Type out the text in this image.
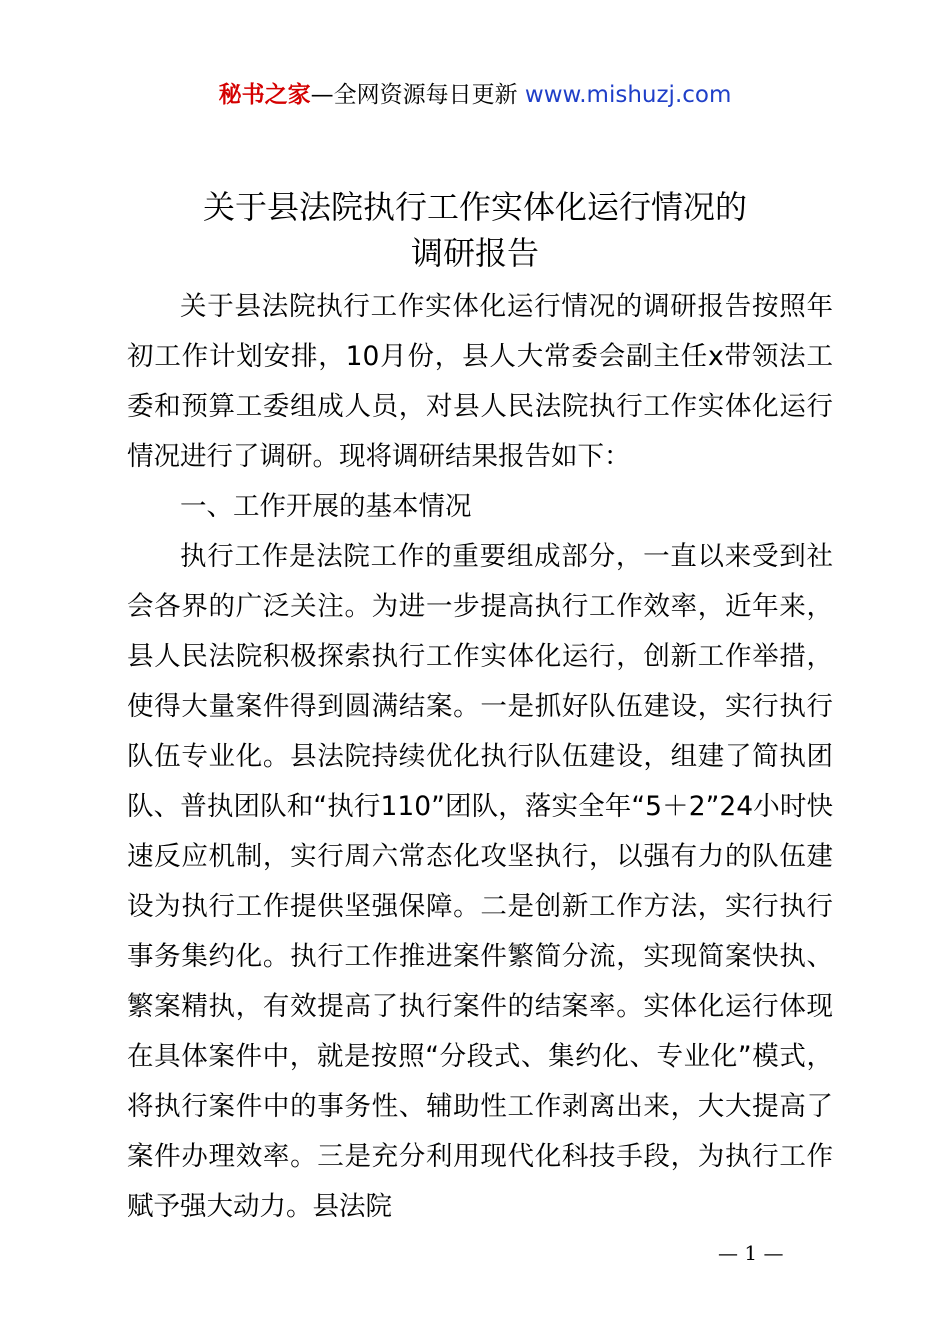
秘书之家—全网资源每日更新 www.mishuzj.com
关于县法院执行工作实体化运行情况的
调研报告

关于县法院执行工作实体化运行情况的调研报告按照年初工作计划安排，10月份，县人大常委会副主任x带领法工委和预算工委组成人员，对县人民法院执行工作实体化运行情况进行了调研。现将调研结果报告如下：

一、工作开展的基本情况

执行工作是法院工作的重要组成部分，一直以来受到社会各界的广泛关注。为进一步提高执行工作效率，近年来，县人民法院积极探索执行工作实体化运行，创新工作举措，使得大量案件得到圆满结案。一是抓好队伍建设，实行执行队伍专业化。县法院持续优化执行队伍建设，组建了简执团队、普执团队和“执行110”团队，落实全年“5＋2”24小时快速反应机制，实行周六常态化攻坚执行，以强有力的队伍建设为执行工作提供坚强保障。二是创新工作方法，实行执行事务集约化。执行工作推进案件繁简分流，实现简案快执、繁案精执，有效提高了执行案件的结案率。实体化运行体现在具体案件中，就是按照“分段式、集约化、专业化”模式，将执行案件中的事务性、辅助性工作剥离出来，大大提高了案件办理效率。三是充分利用现代化科技手段，为执行工作赋予强大动力。县法院

— 1 —
